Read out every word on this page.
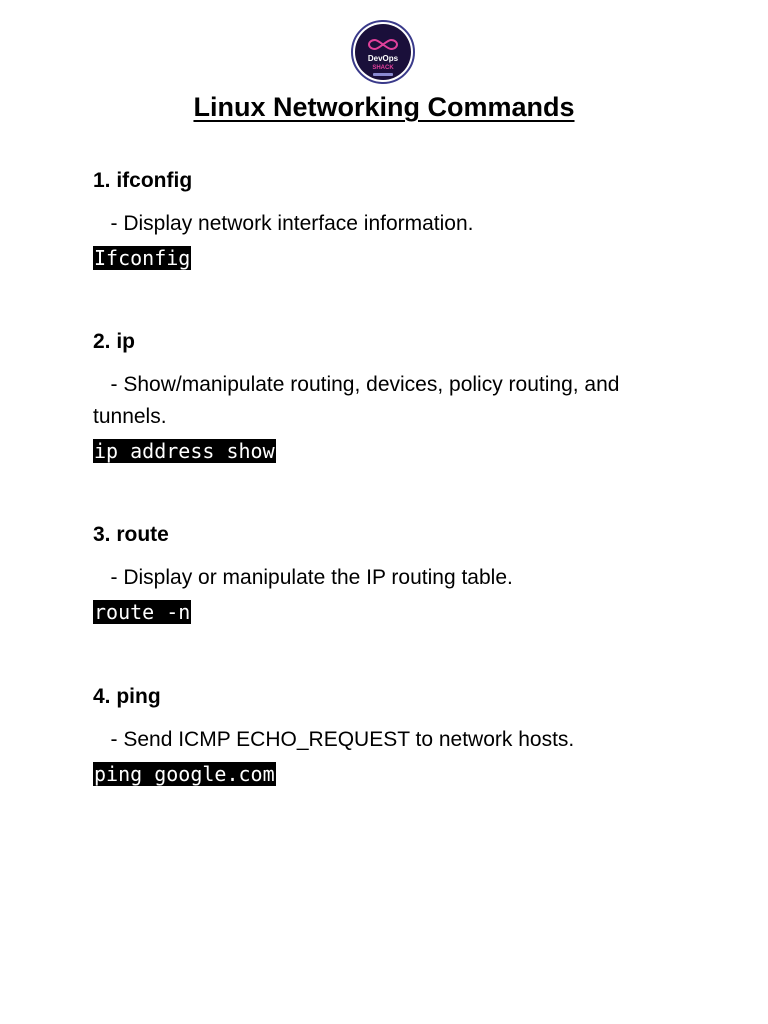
DevOps
SHACK
Linux Networking Commands

1. ifconfig

- Display network interface information.

Ifconfig

2. ip

- Show/manipulate routing, devices, policy routing, and tunnels.

ip address show

3. route

- Display or manipulate the IP routing table.

route -n

4. ping

- Send ICMP ECHO_REQUEST to network hosts.

ping google.com
